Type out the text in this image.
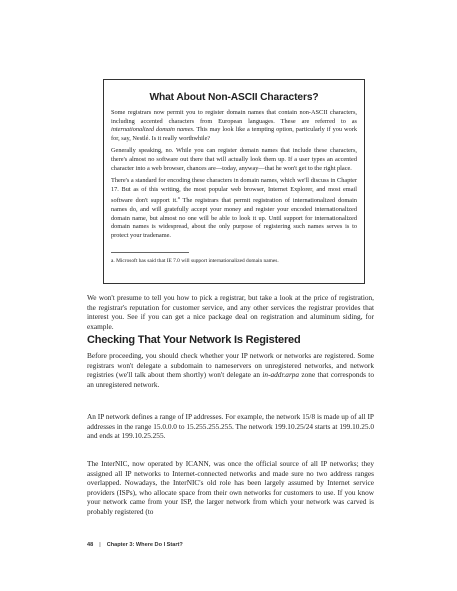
What About Non-ASCII Characters?

Some registrars now permit you to register domain names that contain non-ASCII characters, including accented characters from European languages. These are referred to as internationalized domain names. This may look like a tempting option, particularly if you work for, say, Nestlé. Is it really worthwhile?

Generally speaking, no. While you can register domain names that include these characters, there's almost no software out there that will actually look them up. If a user types an accented character into a web browser, chances are—today, anyway—that he won't get to the right place.

There's a standard for encoding these characters in domain names, which we'll discuss in Chapter 17. But as of this writing, the most popular web browser, Internet Explorer, and most email software don't support it.$^a$ The registrars that permit registration of internationalized domain names do, and will gratefully accept your money and register your encoded internationalized domain name, but almost no one will be able to look it up. Until support for internationalized domain names is widespread, about the only purpose of registering such names serves is to protect your tradename.

a. Microsoft has said that IE 7.0 will support internationalized domain names.

We won't presume to tell you how to pick a registrar, but take a look at the price of registration, the registrar's reputation for customer service, and any other services the registrar provides that interest you. See if you can get a nice package deal on registration and aluminum siding, for example.

Checking That Your Network Is Registered

Before proceeding, you should check whether your IP network or networks are registered. Some registrars won't delegate a subdomain to nameservers on unregistered networks, and network registries (we'll talk about them shortly) won't delegate an in-addr.arpa zone that corresponds to an unregistered network.

An IP network defines a range of IP addresses. For example, the network 15/8 is made up of all IP addresses in the range 15.0.0.0 to 15.255.255.255. The network 199.10.25/24 starts at 199.10.25.0 and ends at 199.10.25.255.

The InterNIC, now operated by ICANN, was once the official source of all IP networks; they assigned all IP networks to Internet-connected networks and made sure no two address ranges overlapped. Nowadays, the InterNIC's old role has been largely assumed by Internet service providers (ISPs), who allocate space from their own networks for customers to use. If you know your network came from your ISP, the larger network from which your network was carved is probably registered (to

48 | Chapter 3: Where Do I Start?
